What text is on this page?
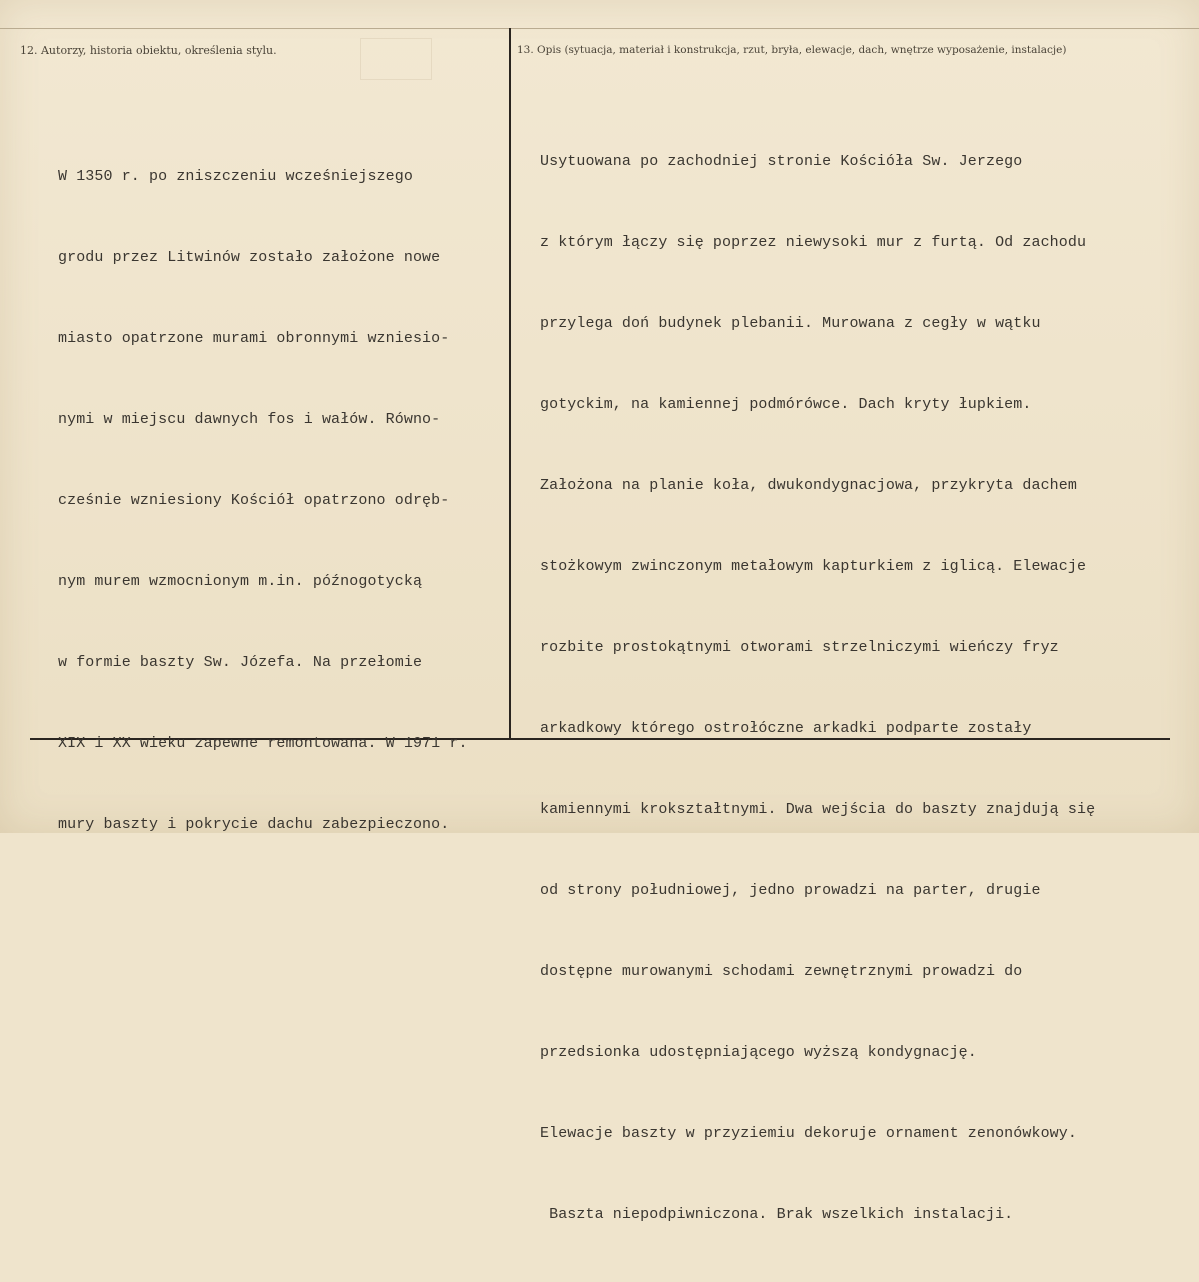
12. Autorzy, historia obiektu, określenia stylu.	13. Opis (sytuacja, materiał i konstrukcja, rzut, bryła, elewacje, dach, wnętrze wyposażenie, instalacje)

W 1350 r. po zniszczeniu wcześniejszego

grodu przez Litwinów zostało założone nowe

miasto opatrzone murami obronnymi wzniesio-

nymi w miejscu dawnych fos i wałów. Równo-

cześnie wzniesiony Kościół opatrzono odręb-

nym murem wzmocnionym m.in. późnogotycką

w formie baszty Sw. Józefa. Na przełomie

XIX i XX wieku zapewne remontowana. W 1971 r.

mury baszty i pokrycie dachu zabezpieczono.

Usytuowana po zachodniej stronie Kościóła Sw. Jerzego

z którym łączy się poprzez niewysoki mur z furtą. Od zachodu

przylega doń budynek plebanii. Murowana z cegły w wątku

gotyckim, na kamiennej podmórówce. Dach kryty łupkiem.

Założona na planie koła, dwukondygnacjowa, przykryta dachem

stożkowym zwinczonym metałowym kapturkiem z iglicą. Elewacje

rozbite prostokątnymi otworami strzelniczymi wieńczy fryz

arkadkowy którego ostrołóczne arkadki podparte zostały

kamiennymi krokształtnymi. Dwa wejścia do baszty znajdują się

od strony południowej, jedno prowadzi na parter, drugie

dostępne murowanymi schodami zewnętrznymi prowadzi do

przedsionka udostępniającego wyższą kondygnację.

Elewacje baszty w przyziemiu dekoruje ornament zenonówkowy.

Baszta niepodpiwniczona. Brak wszelkich instalacji.
